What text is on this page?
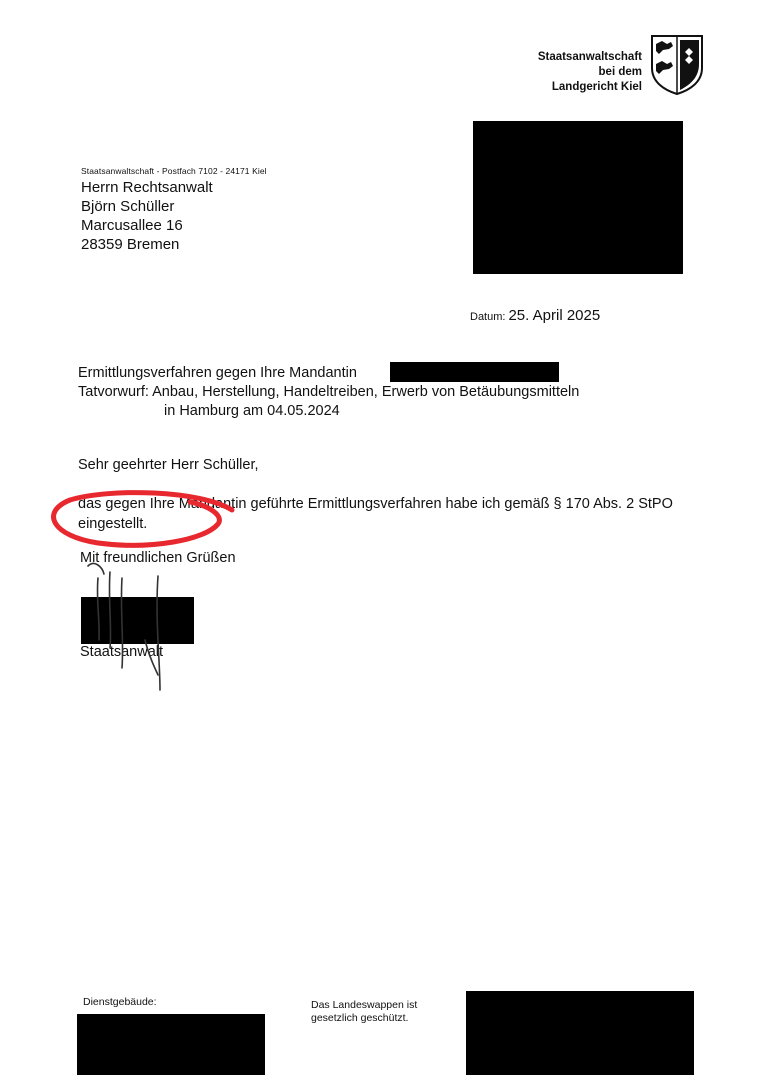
Staatsanwaltschaft
bei dem
Landgericht Kiel
Staatsanwaltschaft - Postfach 7102 - 24171 Kiel
Herrn Rechtsanwalt
Björn Schüller
Marcusallee 16
28359 Bremen
Datum: 25. April 2025
Ermittlungsverfahren gegen Ihre Mandantin
Tatvorwurf: Anbau, Herstellung, Handeltreiben, Erwerb von Betäubungsmitteln
in Hamburg am 04.05.2024
Sehr geehrter Herr Schüller,
das gegen Ihre Mandantin geführte Ermittlungsverfahren habe ich gemäß § 170 Abs. 2 StPO eingestellt.
Mit freundlichen Grüßen
Staatsanwalt
Dienstgebäude:	Das Landeswappen ist
gesetzlich geschützt.
